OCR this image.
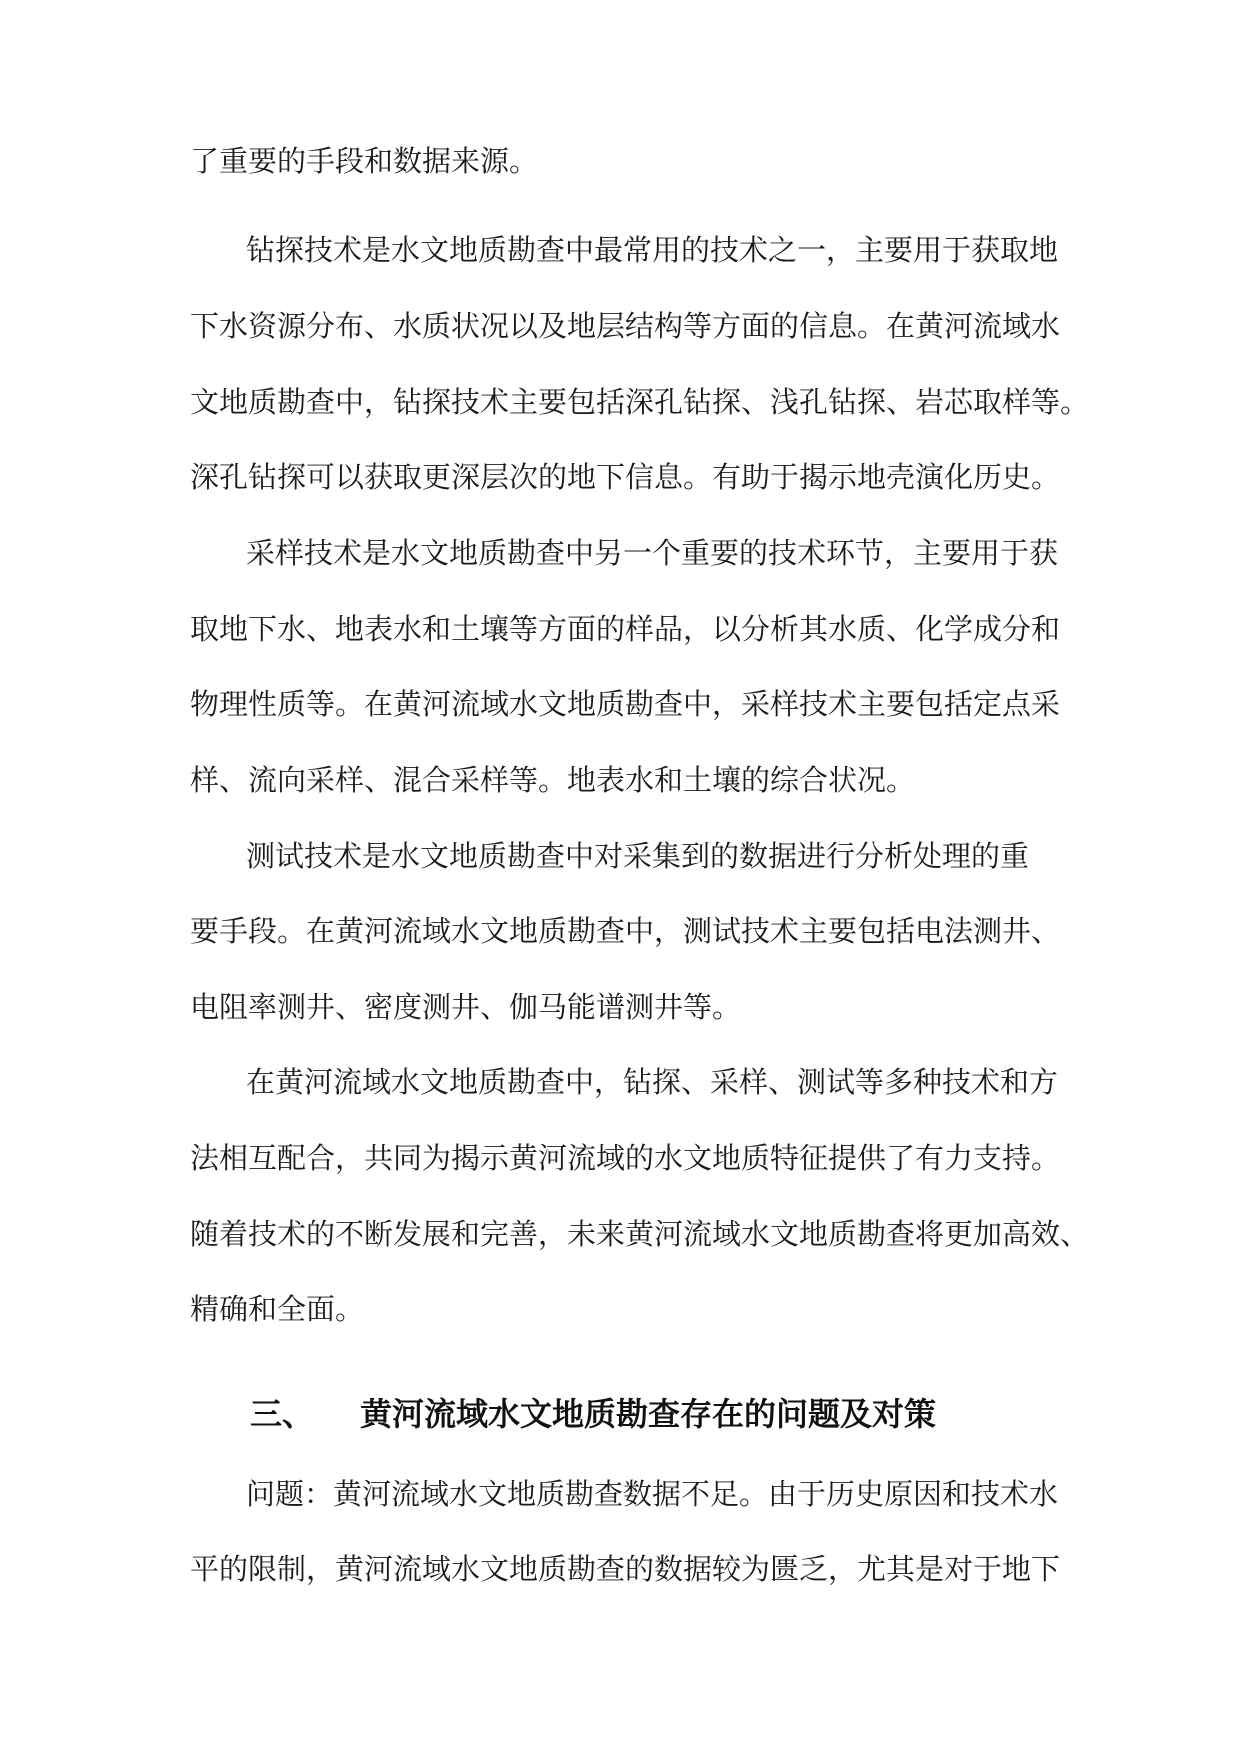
了重要的手段和数据来源。

钻探技术是水文地质勘查中最常用的技术之一，主要用于获取地

下水资源分布、水质状况以及地层结构等方面的信息。在黄河流域水

文地质勘查中，钻探技术主要包括深孔钻探、浅孔钻探、岩芯取样等。

深孔钻探可以获取更深层次的地下信息。有助于揭示地壳演化历史。

采样技术是水文地质勘查中另一个重要的技术环节，主要用于获

取地下水、地表水和土壤等方面的样品，以分析其水质、化学成分和

物理性质等。在黄河流域水文地质勘查中，采样技术主要包括定点采

样、流向采样、混合采样等。地表水和土壤的综合状况。

测试技术是水文地质勘查中对采集到的数据进行分析处理的重

要手段。在黄河流域水文地质勘查中，测试技术主要包括电法测井、

电阻率测井、密度测井、伽马能谱测井等。

在黄河流域水文地质勘查中，钻探、采样、测试等多种技术和方

法相互配合，共同为揭示黄河流域的水文地质特征提供了有力支持。

随着技术的不断发展和完善，未来黄河流域水文地质勘查将更加高效、

精确和全面。

三、 黄河流域水文地质勘查存在的问题及对策

问题：黄河流域水文地质勘查数据不足。由于历史原因和技术水

平的限制，黄河流域水文地质勘查的数据较为匮乏，尤其是对于地下
